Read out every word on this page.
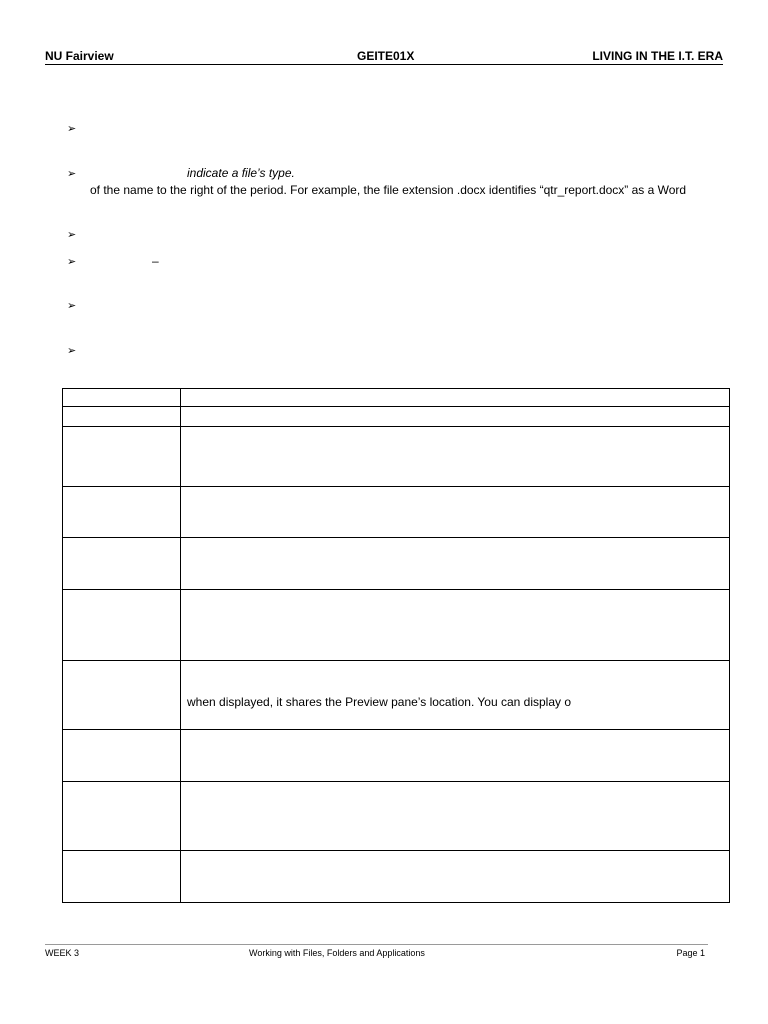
NU Fairview	GEITE01X	LIVING IN THE I.T. ERA
➢
➢	indicate a file’s type.
of the name to the right of the period. For example, the file extension .docx identifies “qtr_report.docx” as a Word
➢
➢	–
➢
➢

	when displayed, it shares the Preview pane’s location. You can display o

WEEK 3	Working with Files, Folders and Applications	Page 1
